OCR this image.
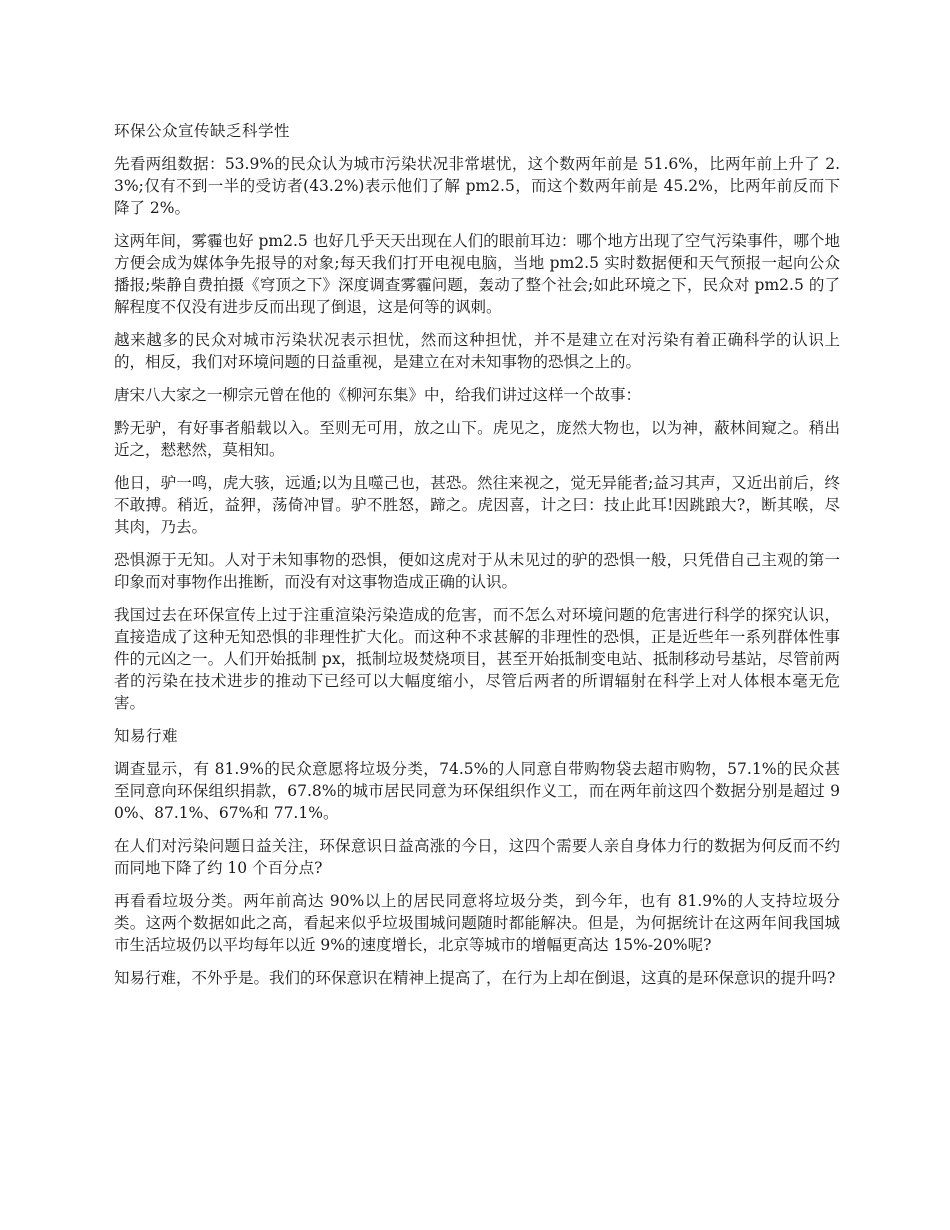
环保公众宣传缺乏科学性

先看两组数据：53.9%的民众认为城市污染状况非常堪忧，这个数两年前是 51.6%，比两年前上升了 2.3%;仅有不到一半的受访者(43.2%)表示他们了解 pm2.5，而这个数两年前是 45.2%，比两年前反而下降了 2%。

这两年间，雾霾也好 pm2.5 也好几乎天天出现在人们的眼前耳边：哪个地方出现了空气污染事件，哪个地方便会成为媒体争先报导的对象;每天我们打开电视电脑，当地 pm2.5 实时数据便和天气预报一起向公众播报;柴静自费拍摄《穹顶之下》深度调查雾霾问题，轰动了整个社会;如此环境之下，民众对 pm2.5 的了解程度不仅没有进步反而出现了倒退，这是何等的讽刺。

越来越多的民众对城市污染状况表示担忧，然而这种担忧，并不是建立在对污染有着正确科学的认识上的，相反，我们对环境问题的日益重视，是建立在对未知事物的恐惧之上的。

唐宋八大家之一柳宗元曾在他的《柳河东集》中，给我们讲过这样一个故事：

黔无驴，有好事者船载以入。至则无可用，放之山下。虎见之，庞然大物也，以为神，蔽林间窥之。稍出近之，慭慭然，莫相知。

他日，驴一鸣，虎大骇，远遁;以为且噬己也，甚恐。然往来视之，觉无异能者;益习其声，又近出前后，终不敢搏。稍近，益狎，荡倚冲冒。驴不胜怒，蹄之。虎因喜，计之曰：技止此耳!因跳踉大?，断其喉，尽其肉，乃去。

恐惧源于无知。人对于未知事物的恐惧，便如这虎对于从未见过的驴的恐惧一般，只凭借自己主观的第一印象而对事物作出推断，而没有对这事物造成正确的认识。

我国过去在环保宣传上过于注重渲染污染造成的危害，而不怎么对环境问题的危害进行科学的探究认识，直接造成了这种无知恐惧的非理性扩大化。而这种不求甚解的非理性的恐惧，正是近些年一系列群体性事件的元凶之一。人们开始抵制 px，抵制垃圾焚烧项目，甚至开始抵制变电站、抵制移动号基站，尽管前两者的污染在技术进步的推动下已经可以大幅度缩小，尽管后两者的所谓辐射在科学上对人体根本毫无危害。

知易行难

调查显示，有 81.9%的民众意愿将垃圾分类，74.5%的人同意自带购物袋去超市购物，57.1%的民众甚至同意向环保组织捐款，67.8%的城市居民同意为环保组织作义工，而在两年前这四个数据分别是超过 90%、87.1%、67%和 77.1%。

在人们对污染问题日益关注，环保意识日益高涨的今日，这四个需要人亲自身体力行的数据为何反而不约而同地下降了约 10 个百分点?

再看看垃圾分类。两年前高达 90%以上的居民同意将垃圾分类，到今年，也有 81.9%的人支持垃圾分类。这两个数据如此之高，看起来似乎垃圾围城问题随时都能解决。但是，为何据统计在这两年间我国城市生活垃圾仍以平均每年以近 9%的速度增长，北京等城市的增幅更高达 15%-20%呢?

知易行难，不外乎是。我们的环保意识在精神上提高了，在行为上却在倒退，这真的是环保意识的提升吗?
